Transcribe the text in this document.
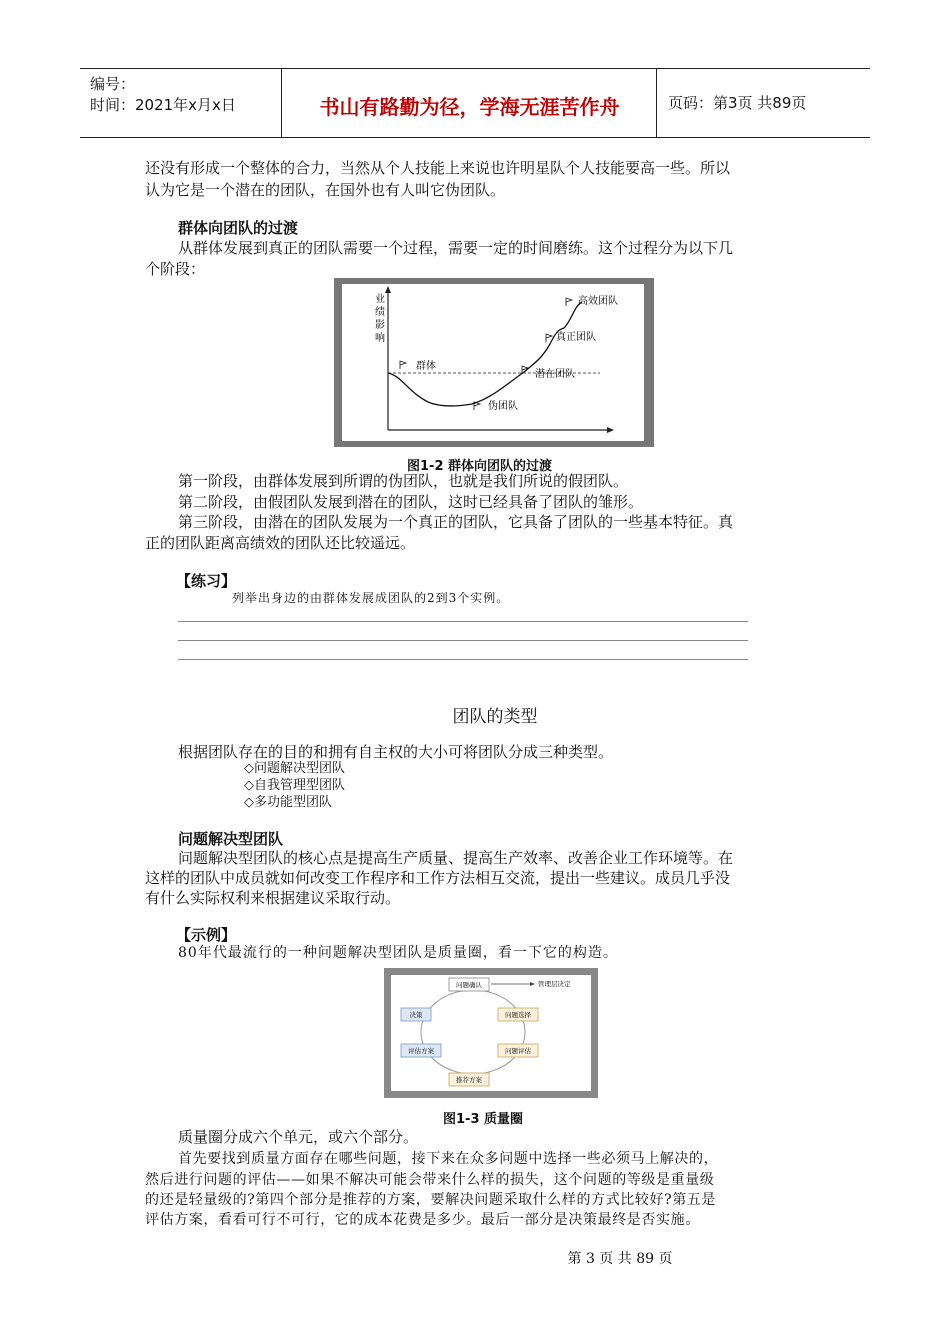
编号：
时间：2021年x月x日	书山有路勤为径，学海无涯苦作舟	页码：第3页 共89页
还没有形成一个整体的合力，当然从个人技能上来说也许明星队个人技能要高一些。所以
认为它是一个潜在的团队，在国外也有人叫它伪团队。
群体向团队的过渡
从群体发展到真正的团队需要一个过程，需要一定的时间磨练。这个过程分为以下几
个阶段：
业
绩
影
响
群体
伪团队
潜在团队
真正团队
高效团队
图1-2 群体向团队的过渡
第一阶段，由群体发展到所谓的伪团队，也就是我们所说的假团队。
第二阶段，由假团队发展到潜在的团队，这时已经具备了团队的雏形。
第三阶段，由潜在的团队发展为一个真正的团队，它具备了团队的一些基本特征。真
正的团队距离高绩效的团队还比较遥远。
【练习】
列举出身边的由群体发展成团队的2到3个实例。
团队的类型
根据团队存在的目的和拥有自主权的大小可将团队分成三种类型。
◇问题解决型团队
◇自我管理型团队
◇多功能型团队
问题解决型团队
问题解决型团队的核心点是提高生产质量、提高生产效率、改善企业工作环境等。在
这样的团队中成员就如何改变工作程序和工作方法相互交流，提出一些建议。成员几乎没
有什么实际权利来根据建议采取行动。
【示例】
80年代最流行的一种问题解决型团队是质量圈，看一下它的构造。
管理层决定
问题确认
问题选择
问题评估
推荐方案
评估方案
决策
图1-3 质量圈
质量圈分成六个单元，或六个部分。
首先要找到质量方面存在哪些问题，接下来在众多问题中选择一些必须马上解决的，
然后进行问题的评估——如果不解决可能会带来什么样的损失，这个问题的等级是重量级
的还是轻量级的?第四个部分是推荐的方案，要解决问题采取什么样的方式比较好?第五是
评估方案，看看可行不可行，它的成本花费是多少。最后一部分是决策最终是否实施。
第 3 页 共 89 页
